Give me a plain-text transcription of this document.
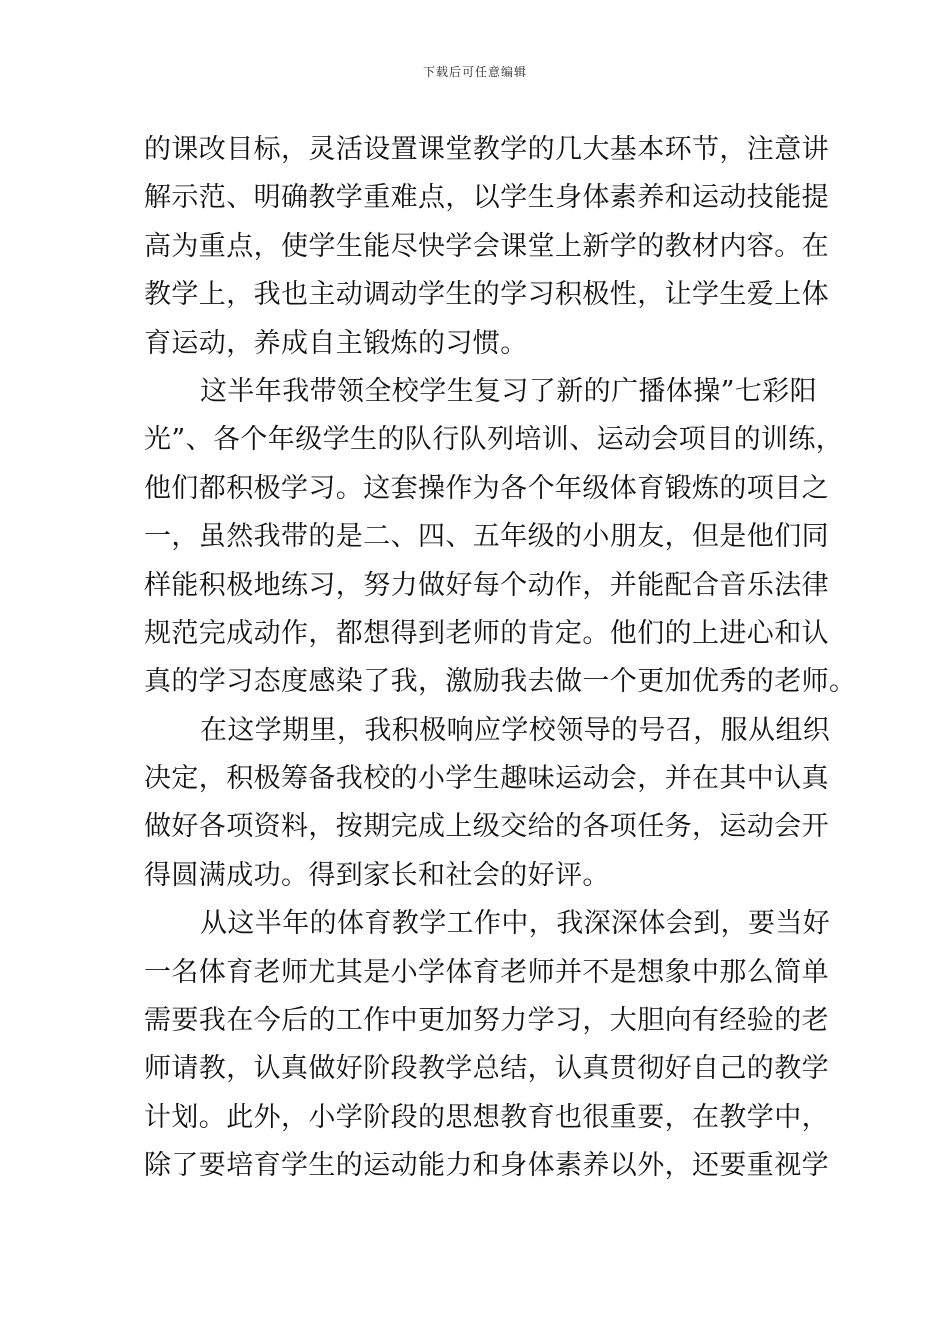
下载后可任意编辑
的课改目标，灵活设置课堂教学的几大基本环节，注意讲
解示范、明确教学重难点，以学生身体素养和运动技能提
高为重点，使学生能尽快学会课堂上新学的教材内容。在
教学上，我也主动调动学生的学习积极性，让学生爱上体
育运动，养成自主锻炼的习惯。
这半年我带领全校学生复习了新的广播体操”七彩阳
光”、各个年级学生的队行队列培训、运动会项目的训练，
他们都积极学习。这套操作为各个年级体育锻炼的项目之
一，虽然我带的是二、四、五年级的小朋友，但是他们同
样能积极地练习，努力做好每个动作，并能配合音乐法律
规范完成动作，都想得到老师的肯定。他们的上进心和认
真的学习态度感染了我，激励我去做一个更加优秀的老师。
在这学期里，我积极响应学校领导的号召，服从组织
决定，积极筹备我校的小学生趣味运动会，并在其中认真
做好各项资料，按期完成上级交给的各项任务，运动会开
得圆满成功。得到家长和社会的好评。
从这半年的体育教学工作中，我深深体会到，要当好
一名体育老师尤其是小学体育老师并不是想象中那么简单
需要我在今后的工作中更加努力学习，大胆向有经验的老
师请教，认真做好阶段教学总结，认真贯彻好自己的教学
计划。此外，小学阶段的思想教育也很重要，在教学中，
除了要培育学生的运动能力和身体素养以外，还要重视学
